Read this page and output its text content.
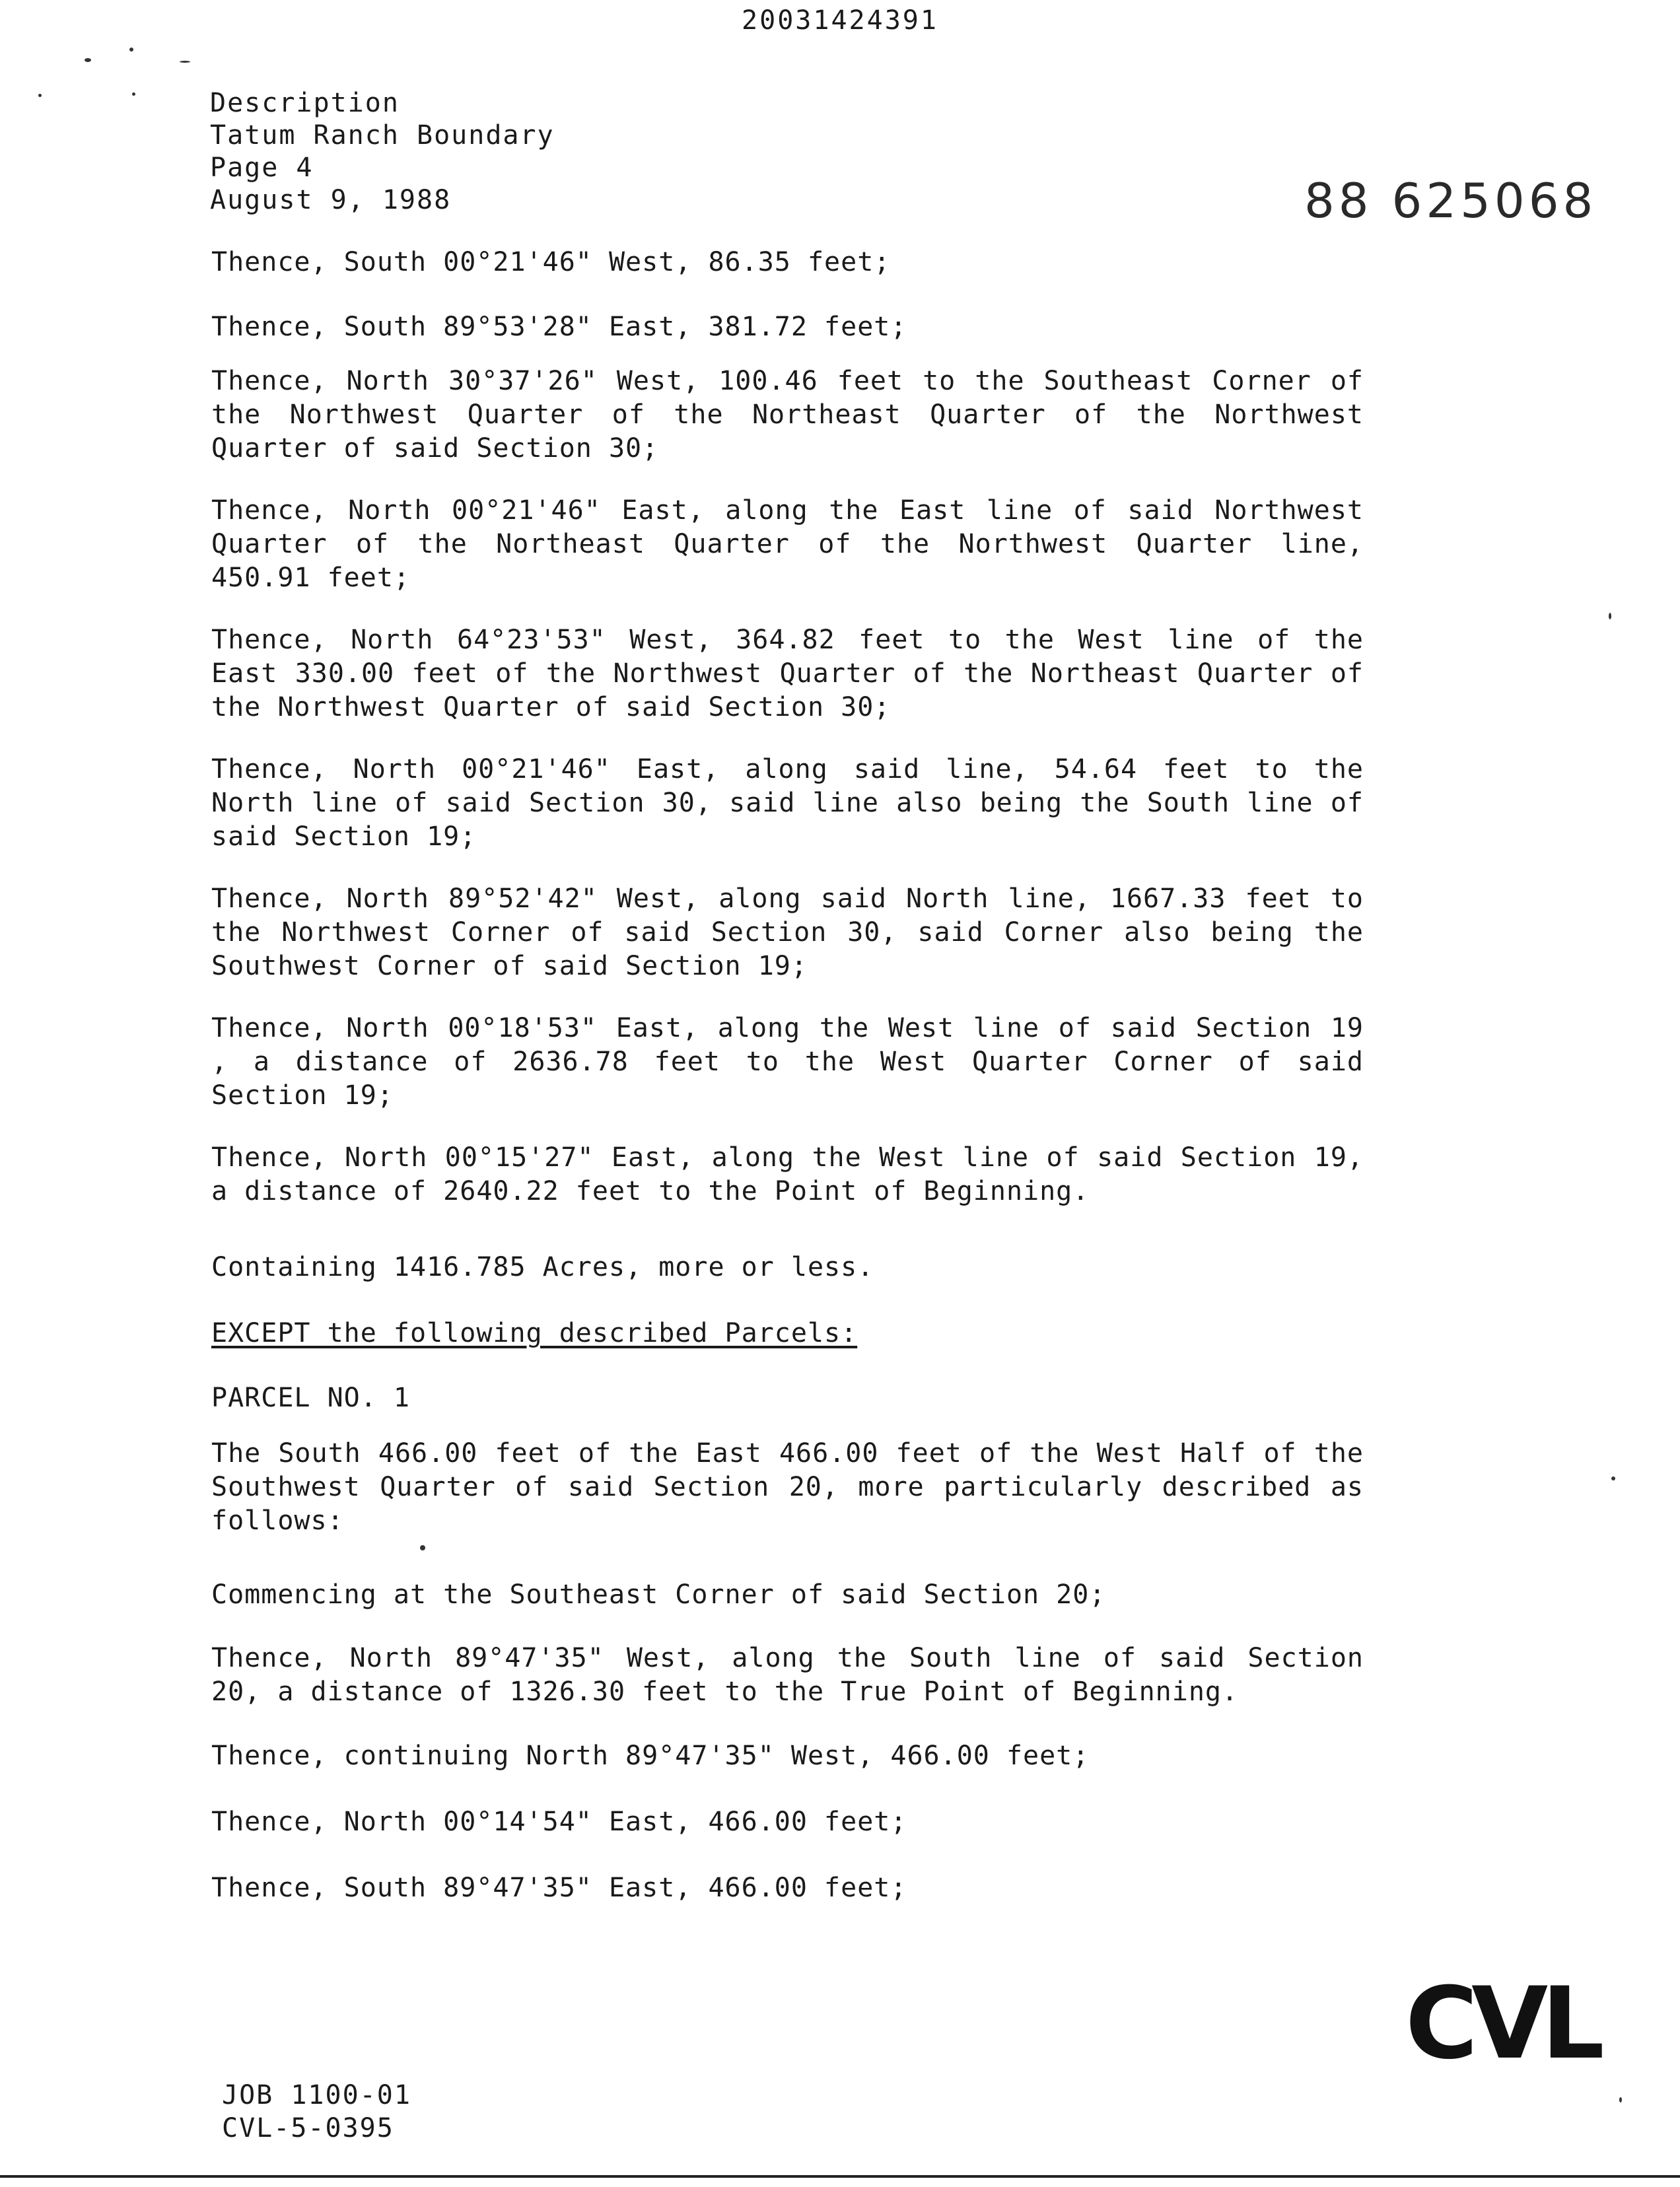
20031424391
Description
Tatum Ranch Boundary
Page 4
August 9, 1988	88 625068

Thence, South 00°21'46" West, 86.35 feet;

Thence, South 89°53'28" East, 381.72 feet;

Thence, North 30°37'26" West, 100.46 feet to the Southeast Corner of the Northwest Quarter of the Northeast Quarter of the Northwest Quarter of said Section 30;

Thence, North 00°21'46" East, along the East line of said Northwest Quarter of the Northeast Quarter of the Northwest Quarter line, 450.91 feet;

Thence, North 64°23'53" West, 364.82 feet to the West line of the East 330.00 feet of the Northwest Quarter of the Northeast Quarter of the Northwest Quarter of said Section 30;

Thence, North 00°21'46" East, along said line, 54.64 feet to the North line of said Section 30, said line also being the South line of said Section 19;

Thence, North 89°52'42" West, along said North line, 1667.33 feet to the Northwest Corner of said Section 30, said Corner also being the Southwest Corner of said Section 19;

Thence, North 00°18'53" East, along the West line of said Section 19 , a distance of 2636.78 feet to the West Quarter Corner of said Section 19;

Thence, North 00°15'27" East, along the West line of said Section 19, a distance of 2640.22 feet to the Point of Beginning.

Containing 1416.785 Acres, more or less.

EXCEPT the following described Parcels:

PARCEL NO. 1

The South 466.00 feet of the East 466.00 feet of the West Half of the Southwest Quarter of said Section 20, more particularly described as follows:

Commencing at the Southeast Corner of said Section 20;

Thence, North 89°47'35" West, along the South line of said Section 20, a distance of 1326.30 feet to the True Point of Beginning.

Thence, continuing North 89°47'35" West, 466.00 feet;

Thence, North 00°14'54" East, 466.00 feet;

Thence, South 89°47'35" East, 466.00 feet;

CVL
JOB 1100-01
CVL-5-0395
